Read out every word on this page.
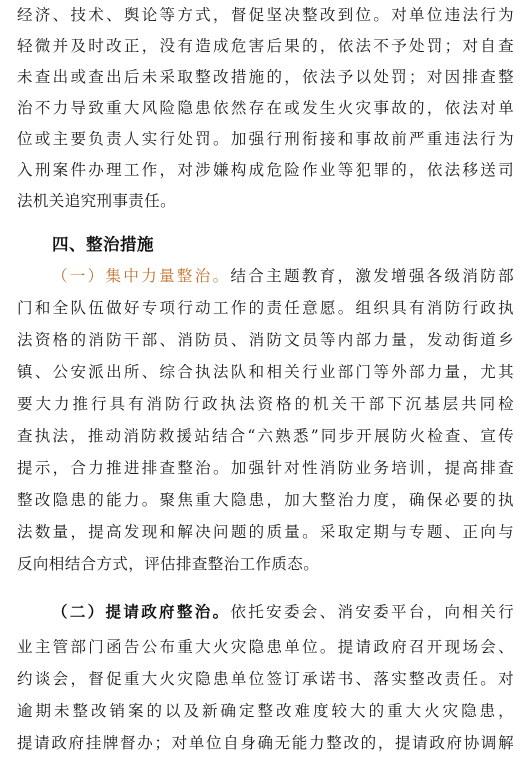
经济、技术、舆论等方式，督促坚决整改到位。对单位违法行为
轻微并及时改正，没有造成危害后果的，依法不予处罚；对自查
未查出或查出后未采取整改措施的，依法予以处罚；对因排查整
治不力导致重大风险隐患依然存在或发生火灾事故的，依法对单
位或主要负责人实行处罚。加强行刑衔接和事故前严重违法行为
入刑案件办理工作，对涉嫌构成危险作业等犯罪的，依法移送司
法机关追究刑事责任。
四、整治措施
（一）集中力量整治。结合主题教育，激发增强各级消防部
门和全队伍做好专项行动工作的责任意愿。组织具有消防行政执
法资格的消防干部、消防员、消防文员等内部力量，发动街道乡
镇、公安派出所、综合执法队和相关行业部门等外部力量，尤其
要大力推行具有消防行政执法资格的机关干部下沉基层共同检
查执法，推动消防救援站结合“六熟悉”同步开展防火检查、宣传
提示，合力推进排查整治。加强针对性消防业务培训，提高排查
整改隐患的能力。聚焦重大隐患，加大整治力度，确保必要的执
法数量，提高发现和解决问题的质量。采取定期与专题、正向与
反向相结合方式，评估排查整治工作质态。
（二）提请政府整治。依托安委会、消安委平台，向相关行
业主管部门函告公布重大火灾隐患单位。提请政府召开现场会、
约谈会，督促重大火灾隐患单位签订承诺书、落实整改责任。对
逾期未整改销案的以及新确定整改难度较大的重大火灾隐患，
提请政府挂牌督办；对单位自身确无能力整改的，提请政府协调解
